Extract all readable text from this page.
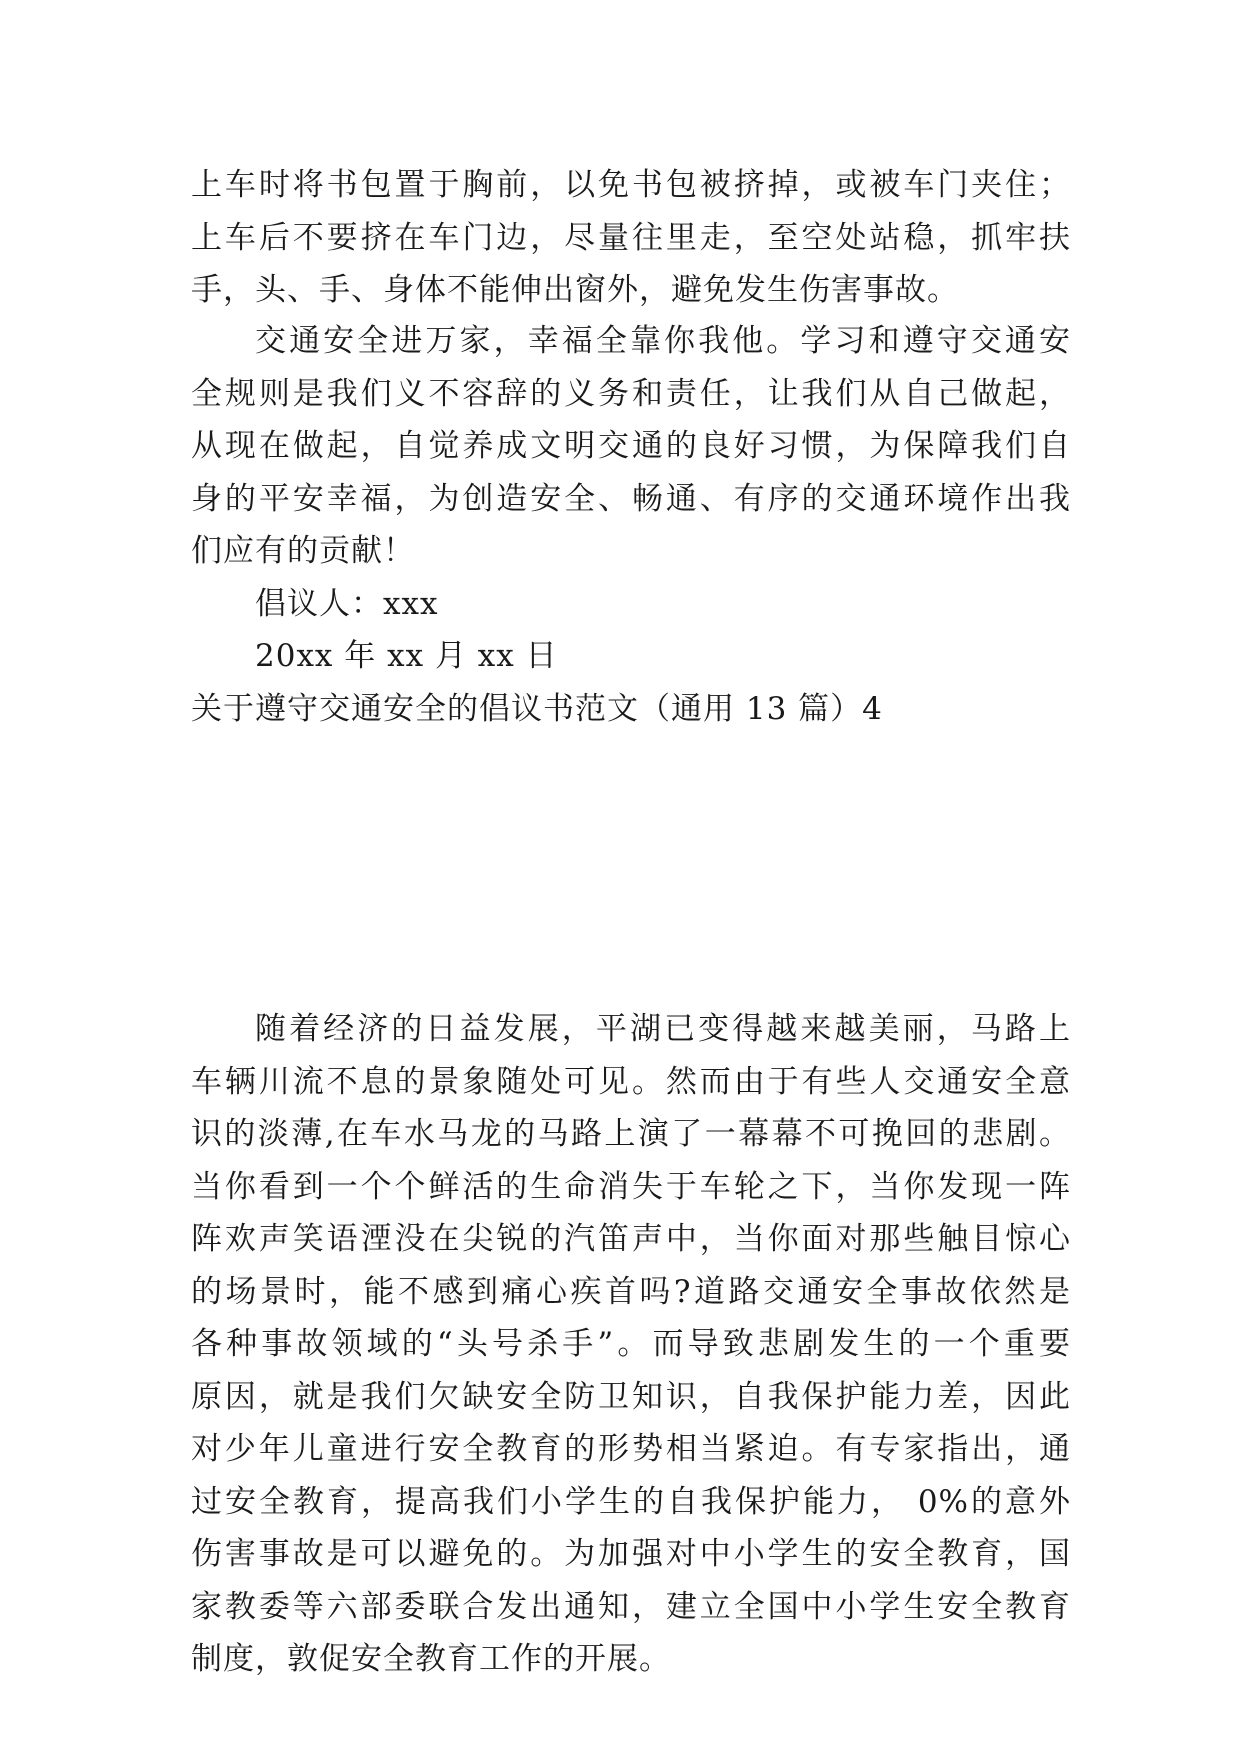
上车时将书包置于胸前，以免书包被挤掉，或被车门夹住；
上车后不要挤在车门边，尽量往里走，至空处站稳，抓牢扶
手，头、手、身体不能伸出窗外，避免发生伤害事故。
交通安全进万家，幸福全靠你我他。学习和遵守交通安
全规则是我们义不容辞的义务和责任，让我们从自己做起，
从现在做起，自觉养成文明交通的良好习惯，为保障我们自
身的平安幸福，为创造安全、畅通、有序的交通环境作出我
们应有的贡献！
倡议人：xxx
20xx 年 xx 月 xx 日
关于遵守交通安全的倡议书范文（通用 13 篇）4
随着经济的日益发展，平湖已变得越来越美丽，马路上
车辆川流不息的景象随处可见。然而由于有些人交通安全意
识的淡薄,在车水马龙的马路上演了一幕幕不可挽回的悲剧。
当你看到一个个鲜活的生命消失于车轮之下，当你发现一阵
阵欢声笑语湮没在尖锐的汽笛声中，当你面对那些触目惊心
的场景时，能不感到痛心疾首吗?道路交通安全事故依然是
各种事故领域的“头号杀手”。而导致悲剧发生的一个重要
原因，就是我们欠缺安全防卫知识，自我保护能力差，因此
对少年儿童进行安全教育的形势相当紧迫。有专家指出，通
过安全教育，提高我们小学生的自我保护能力， 0%的意外
伤害事故是可以避免的。为加强对中小学生的安全教育，国
家教委等六部委联合发出通知，建立全国中小学生安全教育
制度，敦促安全教育工作的开展。
